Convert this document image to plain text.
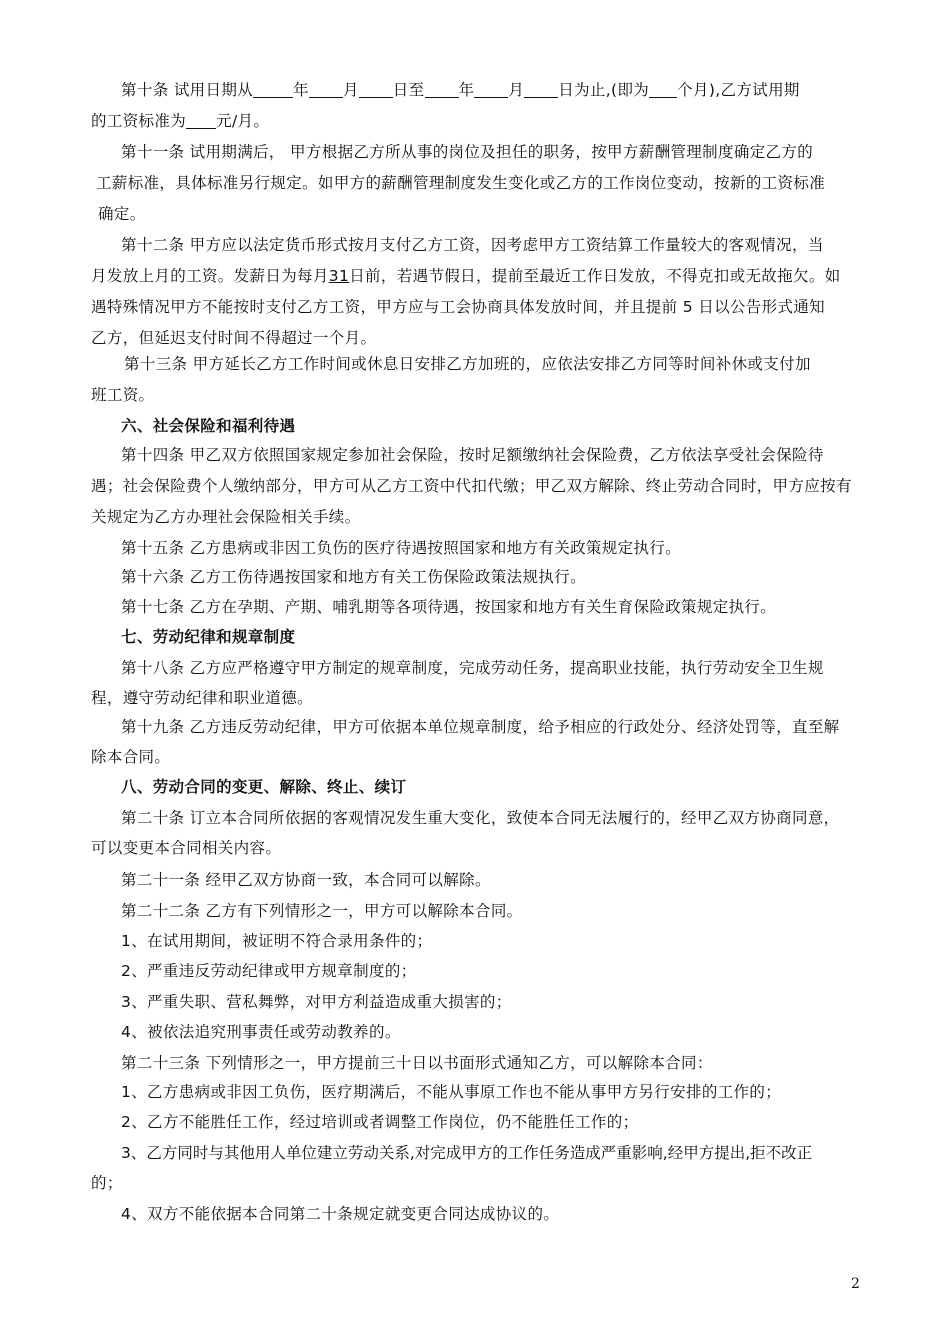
第十条 试用日期从	年 月 日至 年 月 日为止,(即为 个月),乙方试用期
的工资标准为 元/月。
第十一条 试用期满后， 甲方根据乙方所从事的岗位及担任的职务，按甲方薪酬管理制度确定乙方的
工薪标准，具体标准另行规定。如甲方的薪酬管理制度发生变化或乙方的工作岗位变动，按新的工资标准
确定。
第十二条 甲方应以法定货币形式按月支付乙方工资，因考虑甲方工资结算工作量较大的客观情况，当
月发放上月的工资。发薪日为每月31日前，若遇节假日，提前至最近工作日发放，不得克扣或无故拖欠。如
遇特殊情况甲方不能按时支付乙方工资，甲方应与工会协商具体发放时间，并且提前 5 日以公告形式通知
乙方，但延迟支付时间不得超过一个月。
第十三条 甲方延长乙方工作时间或休息日安排乙方加班的，应依法安排乙方同等时间补休或支付加
班工资。
六、社会保险和福利待遇
第十四条 甲乙双方依照国家规定参加社会保险，按时足额缴纳社会保险费，乙方依法享受社会保险待
遇；社会保险费个人缴纳部分，甲方可从乙方工资中代扣代缴；甲乙双方解除、终止劳动合同时，甲方应按有
关规定为乙方办理社会保险相关手续。
第十五条 乙方患病或非因工负伤的医疗待遇按照国家和地方有关政策规定执行。
第十六条 乙方工伤待遇按国家和地方有关工伤保险政策法规执行。
第十七条 乙方在孕期、产期、哺乳期等各项待遇，按国家和地方有关生育保险政策规定执行。
七、劳动纪律和规章制度
第十八条 乙方应严格遵守甲方制定的规章制度，完成劳动任务，提高职业技能，执行劳动安全卫生规
程，遵守劳动纪律和职业道德。
第十九条 乙方违反劳动纪律，甲方可依据本单位规章制度，给予相应的行政处分、经济处罚等，直至解
除本合同。
八、劳动合同的变更、解除、终止、续订
第二十条 订立本合同所依据的客观情况发生重大变化，致使本合同无法履行的，经甲乙双方协商同意，
可以变更本合同相关内容。
第二十一条 经甲乙双方协商一致，本合同可以解除。
第二十二条 乙方有下列情形之一，甲方可以解除本合同。
1、在试用期间，被证明不符合录用条件的；
2、严重违反劳动纪律或甲方规章制度的；
3、严重失职、营私舞弊，对甲方利益造成重大损害的；
4、被依法追究刑事责任或劳动教养的。
第二十三条 下列情形之一，甲方提前三十日以书面形式通知乙方，可以解除本合同：
1、乙方患病或非因工负伤，医疗期满后，不能从事原工作也不能从事甲方另行安排的工作的；
2、乙方不能胜任工作，经过培训或者调整工作岗位，仍不能胜任工作的；
3、乙方同时与其他用人单位建立劳动关系,对完成甲方的工作任务造成严重影响,经甲方提出,拒不改正
的；
4、双方不能依据本合同第二十条规定就变更合同达成协议的。
2
